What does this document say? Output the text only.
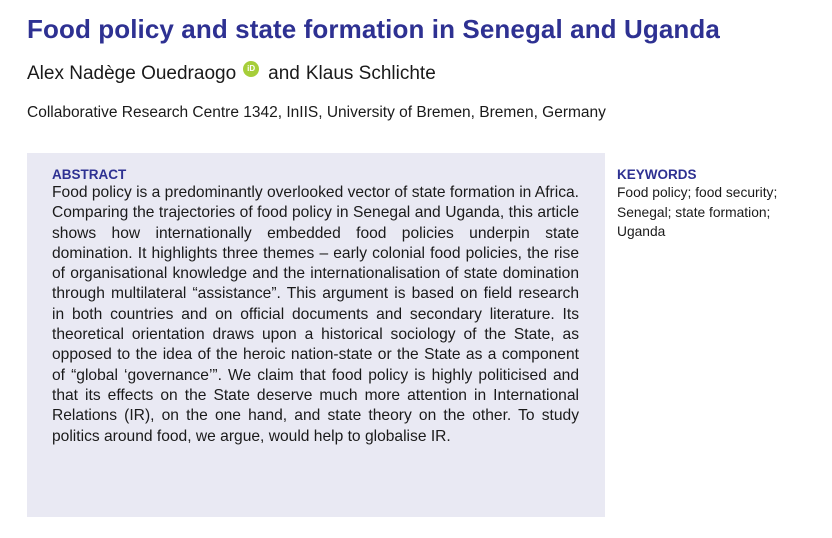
Food policy and state formation in Senegal and Uganda
Alex Nadège Ouedraogo	iD and Klaus Schlichte
Collaborative Research Centre 1342, InIIS, University of Bremen, Bremen, Germany
ABSTRACT
Food policy is a predominantly overlooked vector of state formation in Africa. Comparing the trajectories of food policy in Senegal and Uganda, this article shows how internationally embedded food policies underpin state domination. It highlights three themes – early colonial food policies, the rise of organisational knowledge and the internationalisation of state domination through multilateral “assistance”. This argument is based on field research in both countries and on official documents and secondary literature. Its theoretical orientation draws upon a historical sociology of the State, as opposed to the idea of the heroic nation-state or the State as a component of “global ‘governance’”. We claim that food policy is highly politicised and that its effects on the State deserve much more attention in International Relations (IR), on the one hand, and state theory on the other. To study politics around food, we argue, would help to globalise IR.
KEYWORDS
Food policy; food security; Senegal; state formation; Uganda
